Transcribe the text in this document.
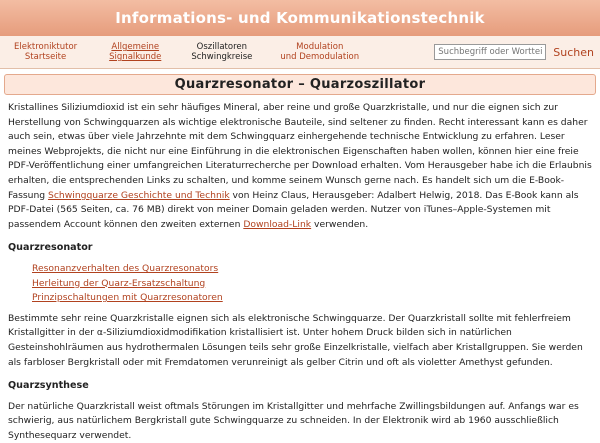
Informations- und Kommunikationstechnik
Elektroniktutor
Startseite
Allgemeine
Signalkunde
Oszillatoren
Schwingkreise
Modulation
und Demodulation
Suchbegriff oder Wortteil	Suchen
Quarzresonator – Quarzoszillator

Kristallines Siliziumdioxid ist ein sehr häufiges Mineral, aber reine und große Quarzkristalle, und nur die eignen sich zur Herstellung von Schwingquarzen als wichtige elektronische Bauteile, sind seltener zu finden. Recht interessant kann es daher auch sein, etwas über viele Jahrzehnte mit dem Schwingquarz einhergehende technische Entwicklung zu erfahren. Leser meines Webprojekts, die nicht nur eine Einführung in die elektronischen Eigenschaften haben wollen, können hier eine freie PDF-Veröffentlichung einer umfangreichen Literaturrecherche per Download erhalten. Vom Herausgeber habe ich die Erlaubnis erhalten, die entsprechenden Links zu schalten, und komme seinem Wunsch gerne nach. Es handelt sich um die E-Book-Fassung Schwingquarze Geschichte und Technik von Heinz Claus, Herausgeber: Adalbert Helwig, 2018. Das E-Book kann als PDF-Datei (565 Seiten, ca. 76 MB) direkt von meiner Domain geladen werden. Nutzer von iTunes–Apple-Systemen mit passendem Account können den zweiten externen Download-Link verwenden.

Quarzresonator
Resonanzverhalten des Quarzresonators
Herleitung der Quarz-Ersatzschaltung
Prinzipschaltungen mit Quarzresonatoren

Bestimmte sehr reine Quarzkristalle eignen sich als elektronische Schwingquarze. Der Quarzkristall sollte mit fehlerfreiem Kristallgitter in der α-Siliziumdioxidmodifikation kristallisiert ist. Unter hohem Druck bilden sich in natürlichen Gesteinshohlräumen aus hydrothermalen Lösungen teils sehr große Einzelkristalle, vielfach aber Kristallgruppen. Sie werden als farbloser Bergkristall oder mit Fremdatomen verunreinigt als gelber Citrin und oft als violetter Amethyst gefunden.

Quarzsynthese

Der natürliche Quarzkristall weist oftmals Störungen im Kristallgitter und mehrfache Zwillingsbildungen auf. Anfangs war es schwierig, aus natürlichem Bergkristall gute Schwingquarze zu schneiden. In der Elektronik wird ab 1960 ausschließlich Synthesequarz verwendet.
